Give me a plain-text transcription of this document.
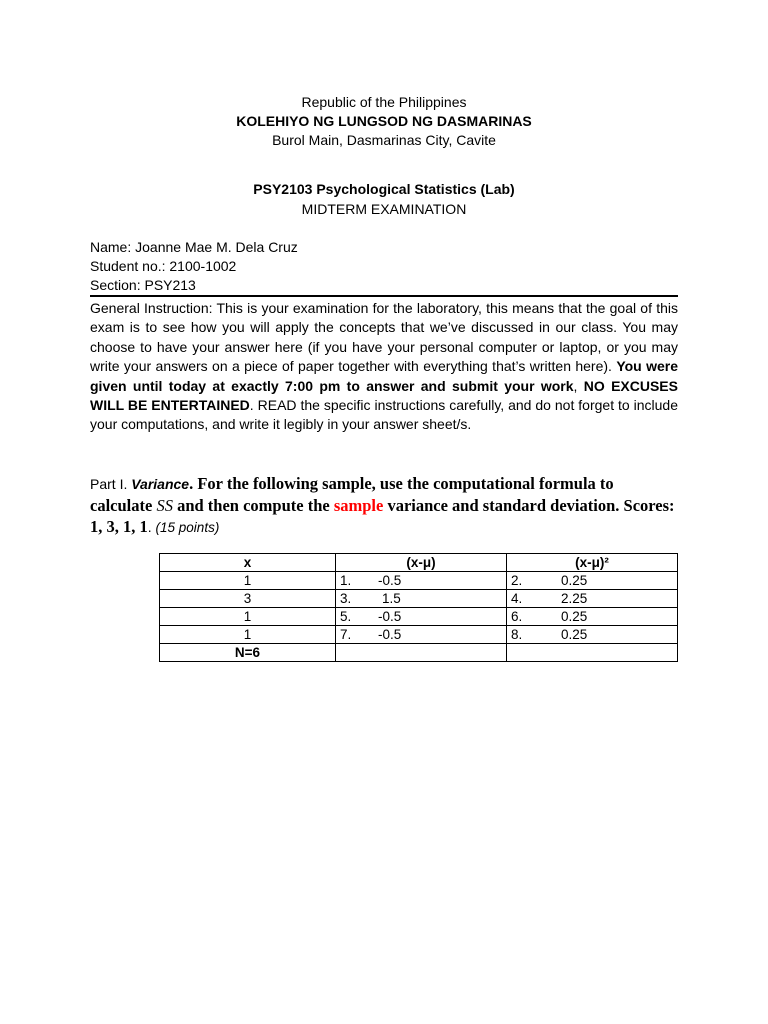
Republic of the Philippines
KOLEHIYO NG LUNGSOD NG DASMARINAS
Burol Main, Dasmarinas City, Cavite
PSY2103 Psychological Statistics (Lab)
MIDTERM EXAMINATION
Name: Joanne Mae M. Dela Cruz
Student no.: 2100-1002
Section: PSY213
General Instruction: This is your examination for the laboratory, this means that the goal of this exam is to see how you will apply the concepts that we’ve discussed in our class. You may choose to have your answer here (if you have your personal computer or laptop, or you may write your answers on a piece of paper together with everything that’s written here). You were given until today at exactly 7:00 pm to answer and submit your work, NO EXCUSES WILL BE ENTERTAINED. READ the specific instructions carefully, and do not forget to include your computations, and write it legibly in your answer sheet/s.
Part I. Variance. For the following sample, use the computational formula to calculate SS and then compute the sample variance and standard deviation. Scores: 1, 3, 1, 1. (15 points)
x	(x-μ)	(x-μ)²
1	1. -0.5	2. 0.25
3	3. 1.5	4. 2.25
1	5. -0.5	6. 0.25
1	7. -0.5	8. 0.25
N=6		
